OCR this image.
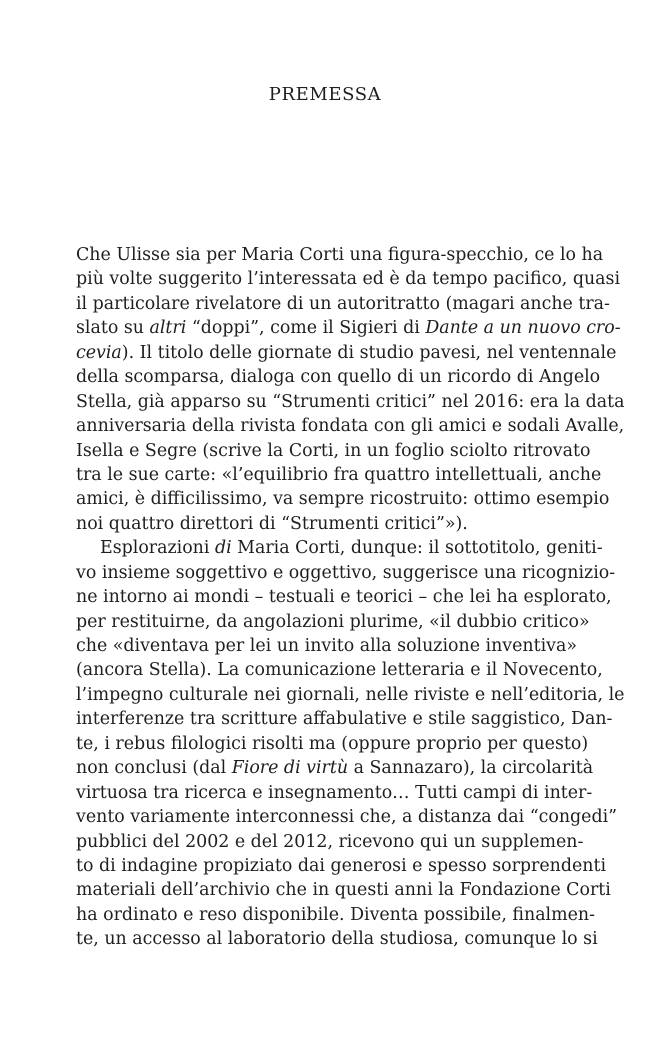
PREMESSA
Che Ulisse sia per Maria Corti una figura-specchio, ce lo ha
più volte suggerito l’interessata ed è da tempo pacifico, quasi
il particolare rivelatore di un autoritratto (magari anche tra-
slato su altri “doppi”, come il Sigieri di Dante a un nuovo cro-
cevia). Il titolo delle giornate di studio pavesi, nel ventennale
della scomparsa, dialoga con quello di un ricordo di Angelo
Stella, già apparso su “Strumenti critici” nel 2016: era la data
anniversaria della rivista fondata con gli amici e sodali Avalle,
Isella e Segre (scrive la Corti, in un foglio sciolto ritrovato
tra le sue carte: «l’equilibrio fra quattro intellettuali, anche
amici, è difficilissimo, va sempre ricostruito: ottimo esempio
noi quattro direttori di “Strumenti critici”»).
Esplorazioni di Maria Corti, dunque: il sottotitolo, geniti-
vo insieme soggettivo e oggettivo, suggerisce una ricognizio-
ne intorno ai mondi – testuali e teorici – che lei ha esplorato,
per restituirne, da angolazioni plurime, «il dubbio critico»
che «diventava per lei un invito alla soluzione inventiva»
(ancora Stella). La comunicazione letteraria e il Novecento,
l’impegno culturale nei giornali, nelle riviste e nell’editoria, le
interferenze tra scritture affabulative e stile saggistico, Dan-
te, i rebus filologici risolti ma (oppure proprio per questo)
non conclusi (dal Fiore di virtù a Sannazaro), la circolarità
virtuosa tra ricerca e insegnamento… Tutti campi di inter-
vento variamente interconnessi che, a distanza dai “congedi”
pubblici del 2002 e del 2012, ricevono qui un supplemen-
to di indagine propiziato dai generosi e spesso sorprendenti
materiali dell’archivio che in questi anni la Fondazione Corti
ha ordinato e reso disponibile. Diventa possibile, finalmen-
te, un accesso al laboratorio della studiosa, comunque lo si
